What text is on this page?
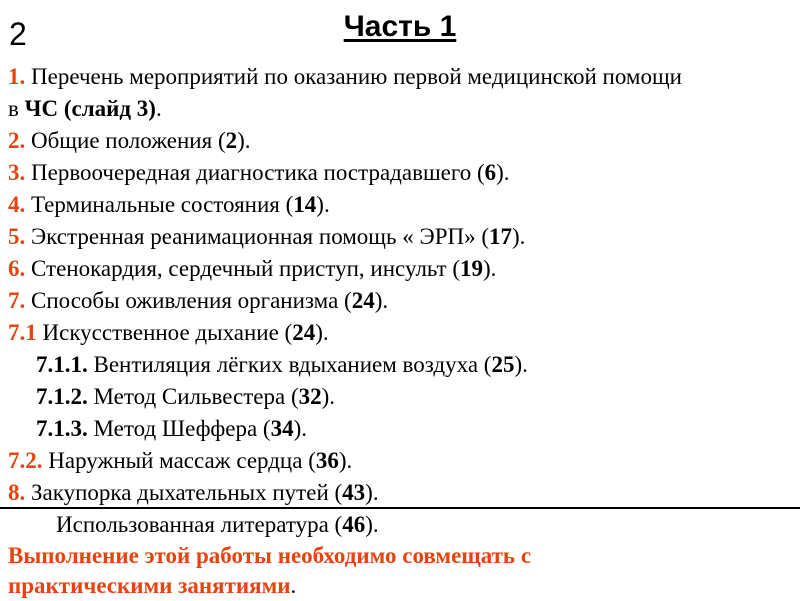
2	Часть 1
1. Перечень мероприятий по оказанию первой медицинской помощи
в ЧС (слайд 3).
2. Общие положения (2).
3. Первоочередная диагностика пострадавшего (6).
4. Терминальные состояния (14).
5. Экстренная реанимационная помощь « ЭРП» (17).
6. Стенокардия, сердечный приступ, инсульт (19).
7. Способы оживления организма (24).
7.1 Искусственное дыхание (24).
7.1.1. Вентиляция лёгких вдыханием воздуха (25).
7.1.2. Метод Сильвестера (32).
7.1.3. Метод Шеффера (34).
7.2. Наружный массаж сердца (36).
8. Закупорка дыхательных путей (43).
Использованная литература (46).
Выполнение этой работы необходимо совмещать с
практическими занятиями.
